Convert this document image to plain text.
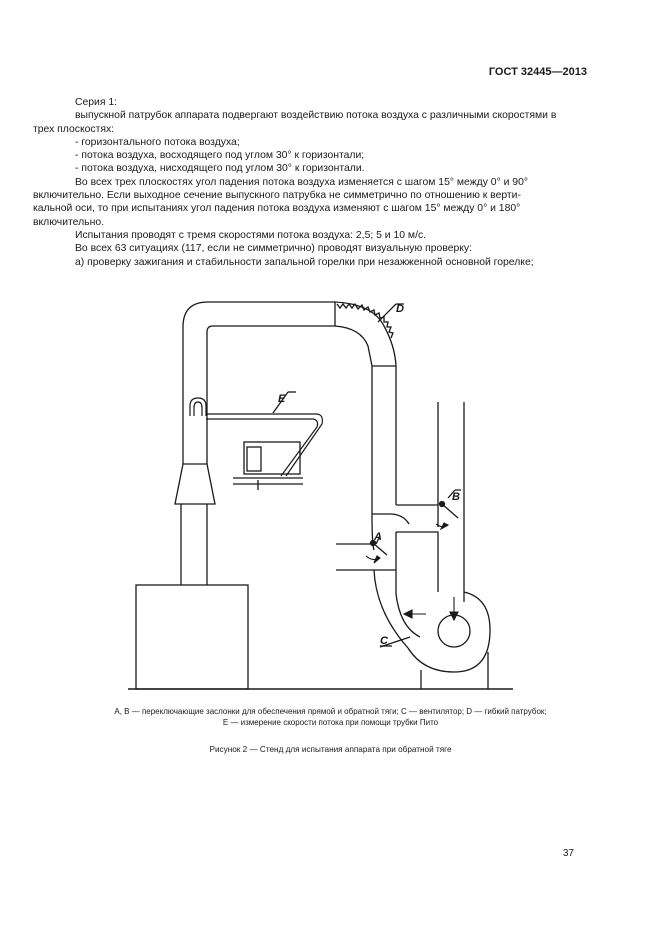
ГОСТ 32445—2013

Серия 1:

выпускной патрубок аппарата подвергают воздействию потока воздуха с различными скоростями в

трех плоскостях:

- горизонтального потока воздуха;

- потока воздуха, восходящего под углом 30° к горизонтали;

- потока воздуха, нисходящего под углом 30° к горизонтали.

Во всех трех плоскостях угол падения потока воздуха изменяется с шагом 15° между 0° и 90°

включительно. Если выходное сечение выпускного патрубка не симметрично по отношению к верти-

кальной оси, то при испытаниях угол падения потока воздуха изменяют с шагом 15° между 0° и 180°

включительно.

Испытания проводят с тремя скоростями потока воздуха: 2,5; 5 и 10 м/с.

Во всех 63 ситуациях (117, если не симметрично) проводят визуальную проверку:

а) проверку зажигания и стабильности запальной горелки при незажженной основной горелке;

D
E
B
A
C
A, B — переключающие заслонки для обеспечения прямой и обратной тяги; C — вентилятор; D — гибкий патрубок;
E — измерение скорости потока при помощи трубки Пито
Рисунок 2 — Стенд для испытания аппарата при обратной тяге
37
